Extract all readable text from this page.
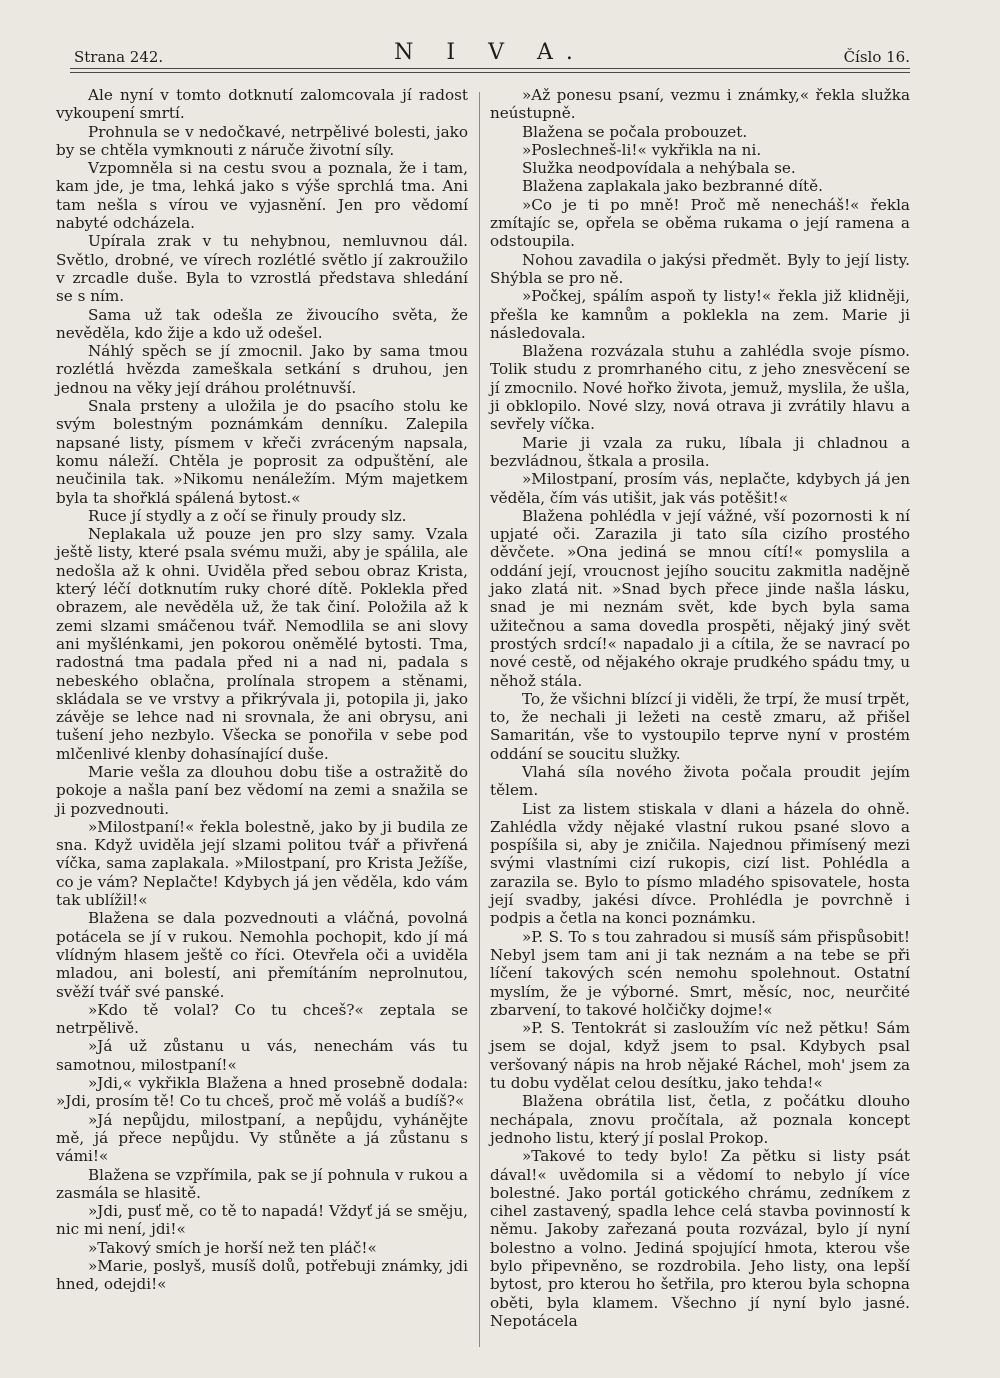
Strana 242.	N I V A.	Číslo 16.

Ale nyní v tomto dotknutí zalomcovala jí radost vykoupení smrtí.

Prohnula se v nedočkavé, netrpělivé bolesti, jako by se chtěla vymknouti z náruče životní síly.

Vzpomněla si na cestu svou a poznala, že i tam, kam jde, je tma, lehká jako s výše sprchlá tma. Ani tam nešla s vírou ve vyjasnění. Jen pro vědomí nabyté odcházela.

Upírala zrak v tu nehybnou, nemluvnou dál. Světlo, drobné, ve vírech rozlétlé světlo jí zakroužilo v zrcadle duše. Byla to vzrostlá představa shledání se s ním.

Sama už tak odešla ze živoucího světa, že nevěděla, kdo žije a kdo už odešel.

Náhlý spěch se jí zmocnil. Jako by sama tmou rozlétlá hvězda zameškala setkání s druhou, jen jednou na věky její dráhou prolétnuvší.

Snala prsteny a uložila je do psacího stolu ke svým bolestným poznámkám denníku. Zalepila napsané listy, písmem v křeči zvráceným napsala, komu náleží. Chtěla je poprosit za odpuštění, ale neučinila tak. »Nikomu nenáležím. Mým majetkem byla ta shořklá spálená bytost.«

Ruce jí stydly a z očí se řinuly proudy slz.

Neplakala už pouze jen pro slzy samy. Vzala ještě listy, které psala svému muži, aby je spálila, ale nedošla až k ohni. Uviděla před sebou obraz Krista, který léčí dotknutím ruky choré dítě. Poklekla před obrazem, ale nevěděla už, že tak činí. Položila až k zemi slzami smáčenou tvář. Nemodlila se ani slovy ani myšlénkami, jen pokorou oněmělé bytosti. Tma, radostná tma padala před ni a nad ni, padala s nebeského oblačna, prolínala stropem a stěnami, skládala se ve vrstvy a přikrývala ji, potopila ji, jako závěje se lehce nad ni srovnala, že ani obrysu, ani tušení jeho nezbylo. Všecka se ponořila v sebe pod mlčenlivé klenby dohasínající duše.

Marie vešla za dlouhou dobu tiše a ostražitě do pokoje a našla paní bez vědomí na zemi a snažila se ji pozvednouti.

»Milostpaní!« řekla bolestně, jako by ji budila ze sna. Když uviděla její slzami politou tvář a přivřená víčka, sama zaplakala. »Milostpaní, pro Krista Ježíše, co je vám? Neplačte! Kdybych já jen věděla, kdo vám tak ublížil!«

Blažena se dala pozvednouti a vláčná, povolná potácela se jí v rukou. Nemohla pochopit, kdo jí má vlídným hlasem ještě co říci. Otevřela oči a uviděla mladou, ani bolestí, ani přemítáním neprolnutou, svěží tvář své panské.

»Kdo tě volal? Co tu chceš?« zeptala se netrpělivě.

»Já už zůstanu u vás, nenechám vás tu samotnou, milostpaní!«

»Jdi,« vykřikla Blažena a hned prosebně dodala: »Jdi, prosím tě! Co tu chceš, proč mě voláš a budíš?«

»Já nepůjdu, milostpaní, a nepůjdu, vyhánějte mě, já přece nepůjdu. Vy stůněte a já zůstanu s vámi!«

Blažena se vzpřímila, pak se jí pohnula v rukou a zasmála se hlasitě.

»Jdi, pusť mě, co tě to napadá! Vždyť já se směju, nic mi není, jdi!«

»Takový smích je horší než ten pláč!«

»Marie, poslyš, musíš dolů, potřebuji známky, jdi hned, odejdi!«

»Až ponesu psaní, vezmu i známky,« řekla služka neústupně.

Blažena se počala probouzet.

»Poslechneš-li!« vykřikla na ni.

Služka neodpovídala a nehýbala se.

Blažena zaplakala jako bezbranné dítě.

»Co je ti po mně! Proč mě nenecháš!« řekla zmítajíc se, opřela se oběma rukama o její ramena a odstoupila.

Nohou zavadila o jakýsi předmět. Byly to její listy. Shýbla se pro ně.

»Počkej, spálím aspoň ty listy!« řekla již klidněji, přešla ke kamnům a poklekla na zem. Marie ji následovala.

Blažena rozvázala stuhu a zahlédla svoje písmo. Tolik studu z promrhaného citu, z jeho znesvěcení se jí zmocnilo. Nové hořko života, jemuž, myslila, že ušla, ji obklopilo. Nové slzy, nová otrava ji zvrátily hlavu a sevřely víčka.

Marie ji vzala za ruku, líbala ji chladnou a bezvládnou, štkala a prosila.

»Milostpaní, prosím vás, neplačte, kdybych já jen věděla, čím vás utišit, jak vás potěšit!«

Blažena pohlédla v její vážné, vší pozornosti k ní upjaté oči. Zarazila ji tato síla cizího prostého děvčete. »Ona jediná se mnou cítí!« pomyslila a oddání její, vroucnost jejího soucitu zakmitla nadějně jako zlatá nit. »Snad bych přece jinde našla lásku, snad je mi neznám svět, kde bych byla sama užitečnou a sama dovedla prospěti, nějaký jiný svět prostých srdcí!« napadalo ji a cítila, že se navrací po nové cestě, od nějakého okraje prudkého spádu tmy, u něhož stála.

To, že všichni blízcí ji viděli, že trpí, že musí trpět, to, že nechali ji ležeti na cestě zmaru, až přišel Samaritán, vše to vystoupilo teprve nyní v prostém oddání se soucitu služky.

Vlahá síla nového života počala proudit jejím tělem.

List za listem stiskala v dlani a házela do ohně. Zahlédla vždy nějaké vlastní rukou psané slovo a pospíšila si, aby je zničila. Najednou přimísený mezi svými vlastními cizí rukopis, cizí list. Pohlédla a zarazila se. Bylo to písmo mladého spisovatele, hosta její svadby, jakési dívce. Prohlédla je povrchně i podpis a četla na konci poznámku.

»P. S. To s tou zahradou si musíš sám přispůsobit! Nebyl jsem tam ani ji tak neznám a na tebe se při líčení takových scén nemohu spolehnout. Ostatní myslím, že je výborné. Smrt, měsíc, noc, neurčité zbarvení, to takové holčičky dojme!«

»P. S. Tentokrát si zasloužím víc než pětku! Sám jsem se dojal, když jsem to psal. Kdybych psal veršovaný nápis na hrob nějaké Ráchel, moh' jsem za tu dobu vydělat celou desítku, jako tehda!«

Blažena obrátila list, četla, z počátku dlouho nechápala, znovu pročítala, až poznala koncept jednoho listu, který jí poslal Prokop.

»Takové to tedy bylo! Za pětku si listy psát dával!« uvědomila si a vědomí to nebylo jí více bolestné. Jako portál gotického chrámu, zedníkem z cihel zastavený, spadla lehce celá stavba povinností k němu. Jakoby zařezaná pouta rozvázal, bylo jí nyní bolestno a volno. Jediná spojující hmota, kterou vše bylo připevněno, se rozdrobila. Jeho listy, ona lepší bytost, pro kterou ho šetřila, pro kterou byla schopna oběti, byla klamem. Všechno jí nyní bylo jasné. Nepotácela
